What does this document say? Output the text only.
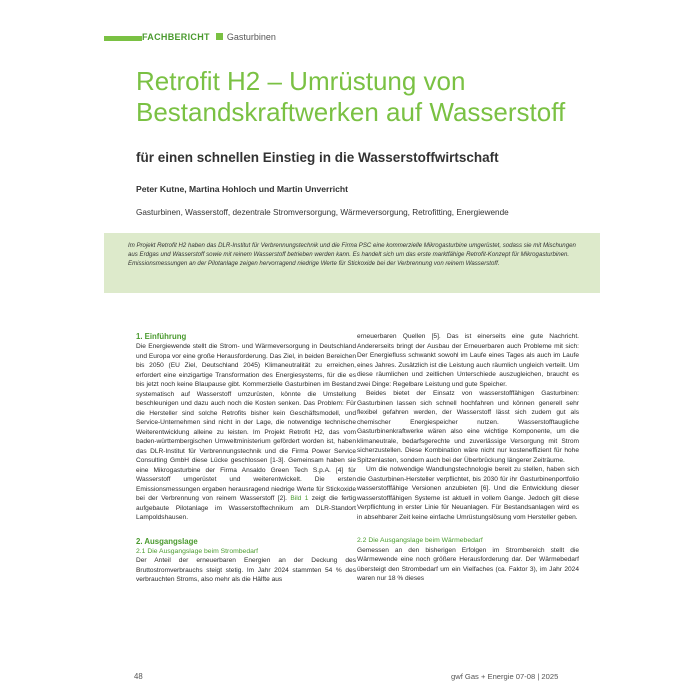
FACHBERICHT Gasturbinen
Retrofit H2 – Umrüstung von Bestandskraftwerken auf Wasserstoff
für einen schnellen Einstieg in die Wasserstoffwirtschaft
Peter Kutne, Martina Hohloch und Martin Unverricht
Gasturbinen, Wasserstoff, dezentrale Stromversorgung, Wärmeversorgung, Retrofitting, Energiewende
Im Projekt Retrofit H2 haben das DLR-Institut für Verbrennungstechnik und die Firma PSC eine kommerzielle Mikrogasturbine umgerüstet, sodass sie mit Mischungen aus Erdgas und Wasserstoff sowie mit reinem Wasserstoff betrieben werden kann. Es handelt sich um das erste marktfähige Retrofit-Konzept für Mikrogasturbinen. Emissionsmessungen an der Pilotanlage zeigen hervorragend niedrige Werte für Stickoxide bei der Verbrennung von reinem Wasserstoff.
1. Einführung

Die Energiewende stellt die Strom- und Wärmeversorgung in Deutschland und Europa vor eine große Herausforderung. Das Ziel, in beiden Bereichen bis 2050 (EU Ziel, Deutschland 2045) Klimaneutralität zu erreichen, erfordert eine einzigartige Transformation des Energiesystems, für die es bis jetzt noch keine Blaupause gibt. Kommerzielle Gasturbinen im Bestand systematisch auf Wasserstoff umzurüsten, könnte die Umstellung beschleunigen und dazu auch noch die Kosten senken. Das Problem: Für die Hersteller sind solche Retrofits bisher kein Geschäftsmodell, und Service-Unternehmen sind nicht in der Lage, die notwendige technische Weiterentwicklung alleine zu leisten. Im Projekt Retrofit H2, das vom baden-württembergischen Umweltministerium gefördert worden ist, haben das DLR-Institut für Verbrennungstechnik und die Firma Power Service Consulting GmbH diese Lücke geschlossen [1-3]. Gemeinsam haben sie eine Mikrogasturbine der Firma Ansaldo Green Tech S.p.A. [4] für Wasserstoff umgerüstet und weiterentwickelt. Die ersten Emissionsmessungen ergaben herausragend niedrige Werte für Stickoxide bei der Verbrennung von reinem Wasserstoff [2]. Bild 1 zeigt die fertig aufgebaute Pilotanlage im Wasserstofftechnikum am DLR-Standort Lampoldshausen.

2. Ausgangslage
2.1 Die Ausgangslage beim Strombedarf

Der Anteil der erneuerbaren Energien an der Deckung des Bruttostromverbrauchs steigt stetig. Im Jahr 2024 stammten 54 % des verbrauchten Stroms, also mehr als die Hälfte aus

erneuerbaren Quellen [5]. Das ist einerseits eine gute Nachricht. Andererseits bringt der Ausbau der Erneuerbaren auch Probleme mit sich: Der Energiefluss schwankt sowohl im Laufe eines Tages als auch im Laufe eines Jahres. Zusätzlich ist die Leistung auch räumlich ungleich verteilt. Um diese räumlichen und zeitlichen Unterschiede auszugleichen, braucht es zwei Dinge: Regelbare Leistung und gute Speicher.

Beides bietet der Einsatz von wasserstofffähigen Gasturbinen: Gasturbinen lassen sich schnell hochfahren und können generell sehr flexibel gefahren werden, der Wasserstoff lässt sich zudem gut als chemischer Energiespeicher nutzen. Wasserstofftaugliche Gasturbinenkraftwerke wären also eine wichtige Komponente, um die klimaneutrale, bedarfsgerechte und zuverlässige Versorgung mit Strom sicherzustellen. Diese Kombination wäre nicht nur kosteneffizient für hohe Spitzenlasten, sondern auch bei der Überbrückung längerer Zeiträume.

Um die notwendige Wandlungstechnologie bereit zu stellen, haben sich die Gasturbinen-Hersteller verpflichtet, bis 2030 für ihr Gasturbinenportfolio wasserstofffähige Versionen anzubieten [6]. Und die Entwicklung dieser wasserstofffähigen Systeme ist aktuell in vollem Gange. Jedoch gilt diese Verpflichtung in erster Linie für Neuanlagen. Für Bestandsanlagen wird es in absehbarer Zeit keine einfache Umrüstungslösung vom Hersteller geben.

2.2 Die Ausgangslage beim Wärmebedarf

Gemessen an den bisherigen Erfolgen im Strombereich stellt die Wärmewende eine noch größere Herausforderung dar. Der Wärmebedarf übersteigt den Strombedarf um ein Vielfaches (ca. Faktor 3), im Jahr 2024 waren nur 18 % dieses

48	gwf Gas + Energie 07-08 | 2025
